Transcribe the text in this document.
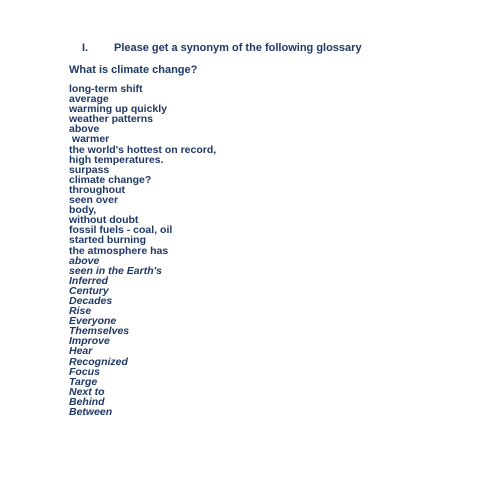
I. Please get a synonym of the following glossary
What is climate change?
long-term shift
average
warming up quickly
weather patterns
above
warmer
the world's hottest on record,
high temperatures.
surpass
climate change?
throughout
seen over
body,
without doubt
fossil fuels - coal, oil
started burning
the atmosphere has
above
seen in the Earth's
Inferred
Century
Decades
Rise
Everyone
Themselves
Improve
Hear
Recognized
Focus
Targe
Next to
Behind
Between
